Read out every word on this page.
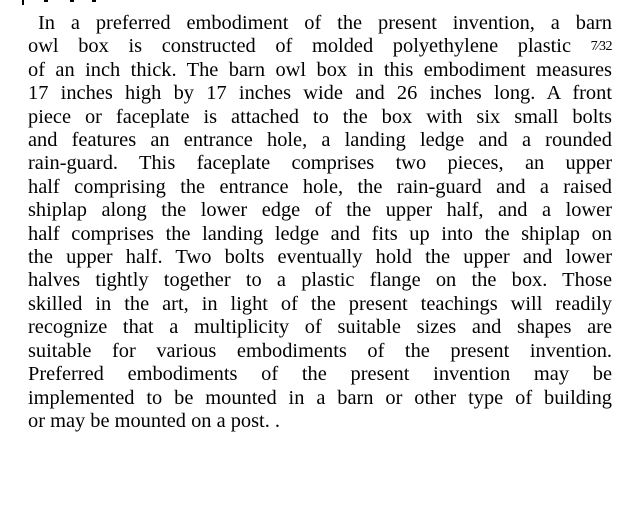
In a preferred embodiment of the present invention, a barn
owl box is constructed of molded polyethylene plastic 7⁄32
of an inch thick. The barn owl box in this embodiment measures
17 inches high by 17 inches wide and 26 inches long. A front
piece or faceplate is attached to the box with six small bolts
and features an entrance hole, a landing ledge and a rounded
rain-guard. This faceplate comprises two pieces, an upper
half comprising the entrance hole, the rain-guard and a raised
shiplap along the lower edge of the upper half, and a lower
half comprises the landing ledge and fits up into the shiplap on
the upper half. Two bolts eventually hold the upper and lower
halves tightly together to a plastic flange on the box. Those
skilled in the art, in light of the present teachings will readily
recognize that a multiplicity of suitable sizes and shapes are
suitable for various embodiments of the present invention.
Preferred embodiments of the present invention may be
implemented to be mounted in a barn or other type of building
or may be mounted on a post. .
